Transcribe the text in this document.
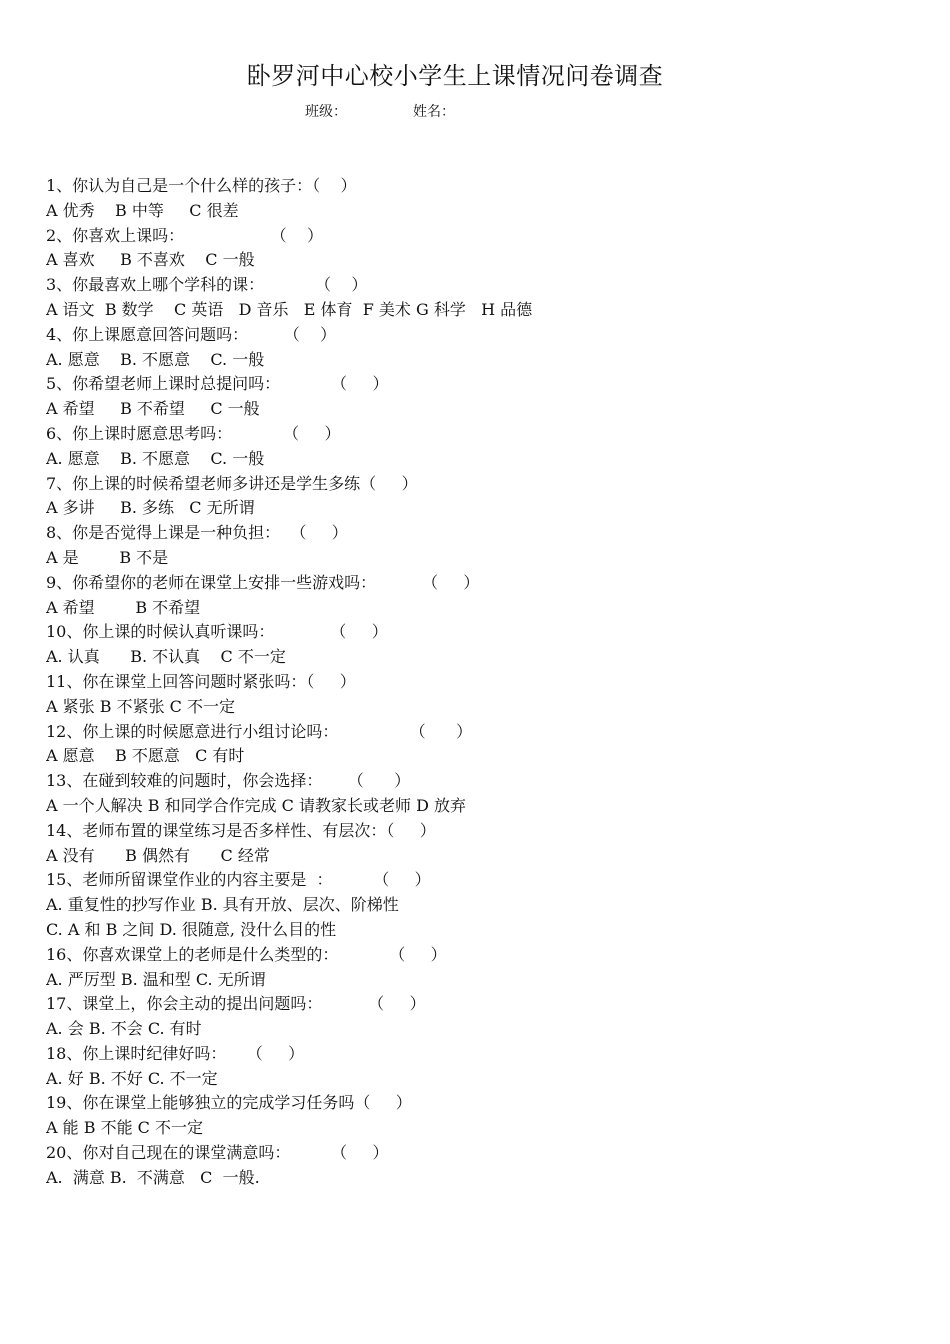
卧罗河中心校小学生上课情况问卷调查
班级：	姓名：
1、你认为自己是一个什么样的孩子：（    ）
A 优秀    B 中等     C 很差
2、你喜欢上课吗：                 （    ）
A 喜欢     B 不喜欢    C 一般
3、你最喜欢上哪个学科的课：          （    ）
A 语文  B 数学    C 英语   D 音乐   E 体育  F 美术 G 科学   H 品德
4、你上课愿意回答问题吗：       （    ）
A. 愿意    B. 不愿意    C. 一般
5、你希望老师上课时总提问吗：          （     ）
A 希望     B 不希望     C 一般
6、你上课时愿意思考吗：          （     ）
A. 愿意    B. 不愿意    C. 一般
7、你上课的时候希望老师多讲还是学生多练（     ）
A 多讲     B. 多练   C 无所谓
8、你是否觉得上课是一种负担：  （     ）
A 是        B 不是
9、你希望你的老师在课堂上安排一些游戏吗：         （     ）
A 希望        B 不希望
10、你上课的时候认真听课吗：           （     ）
A. 认真      B. 不认真    C 不一定
11、你在课堂上回答问题时紧张吗：（     ）
A 紧张 B 不紧张 C 不一定
12、你上课的时候愿意进行小组讨论吗：              （      ）
A 愿意    B 不愿意   C 有时
13、在碰到较难的问题时，你会选择：     （      ）
A 一个人解决 B 和同学合作完成 C 请教家长或老师 D 放弃
14、老师布置的课堂练习是否多样性、有层次：（     ）
A 没有      B 偶然有      C 经常
15、老师所留课堂作业的内容主要是  ：        （     ）
A. 重复性的抄写作业 B. 具有开放、层次、阶梯性
C. A 和 B 之间 D. 很随意, 没什么目的性
16、你喜欢课堂上的老师是什么类型的：          （     ）
A. 严厉型 B. 温和型 C. 无所谓
17、课堂上，你会主动的提出问题吗：         （     ）
A. 会 B. 不会 C. 有时
18、你上课时纪律好吗：    （     ）
A. 好 B. 不好 C. 不一定
19、你在课堂上能够独立的完成学习任务吗（     ）
A 能 B 不能 C 不一定
20、你对自己现在的课堂满意吗：        （     ）
A.  满意 B.  不满意   C  一般.
